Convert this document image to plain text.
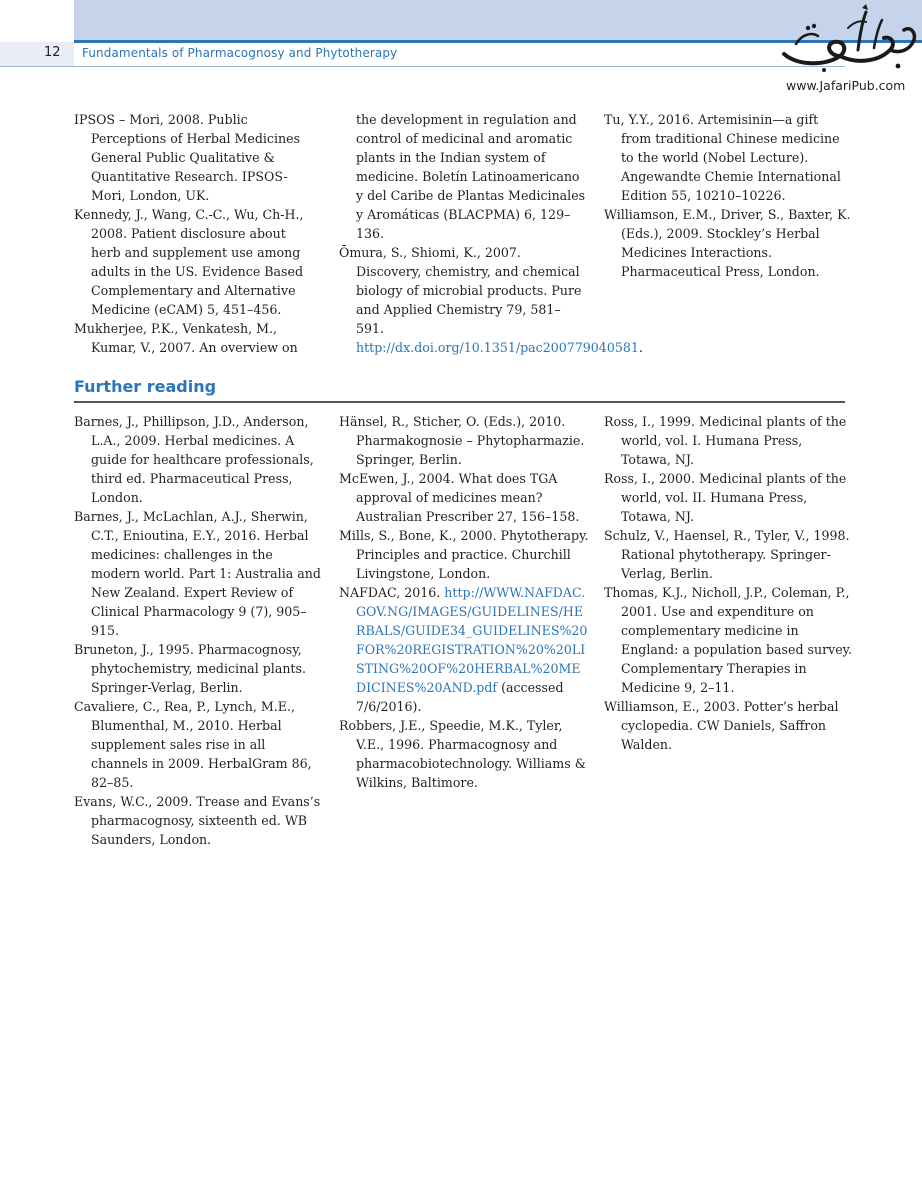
12 Fundamentals of Pharmacognosy and Phytotherapy
www.JafariPub.com
IPSOS – Mori, 2008. Public Perceptions of Herbal Medicines General Public Qualitative & Quantitative Research. IPSOS-Mori, London, UK.
Kennedy, J., Wang, C.-C., Wu, Ch-H., 2008. Patient disclosure about herb and supplement use among adults in the US. Evidence Based Complementary and Alternative Medicine (eCAM) 5, 451–456.
Mukherjee, P.K., Venkatesh, M., Kumar, V., 2007. An overview on
the development in regulation and control of medicinal and aromatic plants in the Indian system of medicine. Boletín Latinoamericano y del Caribe de Plantas Medicinales y Aromáticas (BLACPMA) 6, 129–136.
Ōmura, S., Shiomi, K., 2007. Discovery, chemistry, and chemical biology of microbial products. Pure and Applied Chemistry 79, 581–591. http://dx.doi.org/10.1351/pac200779040581.
Tu, Y.Y., 2016. Artemisinin—a gift from traditional Chinese medicine to the world (Nobel Lecture). Angewandte Chemie International Edition 55, 10210–10226.
Williamson, E.M., Driver, S., Baxter, K. (Eds.), 2009. Stockley’s Herbal Medicines Interactions. Pharmaceutical Press, London.
Further reading
Barnes, J., Phillipson, J.D., Anderson, L.A., 2009. Herbal medicines. A guide for healthcare professionals, third ed. Pharmaceutical Press, London.
Barnes, J., McLachlan, A.J., Sherwin, C.T., Enioutina, E.Y., 2016. Herbal medicines: challenges in the modern world. Part 1: Australia and New Zealand. Expert Review of Clinical Pharmacology 9 (7), 905–915.
Bruneton, J., 1995. Pharmacognosy, phytochemistry, medicinal plants. Springer-Verlag, Berlin.
Cavaliere, C., Rea, P., Lynch, M.E., Blumenthal, M., 2010. Herbal supplement sales rise in all channels in 2009. HerbalGram 86, 82–85.
Evans, W.C., 2009. Trease and Evans’s pharmacognosy, sixteenth ed. WB Saunders, London.
Hänsel, R., Sticher, O. (Eds.), 2010. Pharmakognosie – Phytopharmazie. Springer, Berlin.
McEwen, J., 2004. What does TGA approval of medicines mean? Australian Prescriber 27, 156–158.
Mills, S., Bone, K., 2000. Phytotherapy. Principles and practice. Churchill Livingstone, London.
NAFDAC, 2016. http://WWW.NAFDAC.GOV.NG/IMAGES/GUIDELINES/HERBALS/GUIDE34_GUIDELINES%20FOR%20REGISTRATION%20%20LISTING%20OF%20HERBAL%20MEDICINES%20AND.pdf (accessed 7/6/2016).
Robbers, J.E., Speedie, M.K., Tyler, V.E., 1996. Pharmacognosy and pharmacobiotechnology. Williams & Wilkins, Baltimore.
Ross, I., 1999. Medicinal plants of the world, vol. I. Humana Press, Totawa, NJ.
Ross, I., 2000. Medicinal plants of the world, vol. II. Humana Press, Totawa, NJ.
Schulz, V., Haensel, R., Tyler, V., 1998. Rational phytotherapy. Springer-Verlag, Berlin.
Thomas, K.J., Nicholl, J.P., Coleman, P., 2001. Use and expenditure on complementary medicine in England: a population based survey. Complementary Therapies in Medicine 9, 2–11.
Williamson, E., 2003. Potter’s herbal cyclopedia. CW Daniels, Saffron Walden.
